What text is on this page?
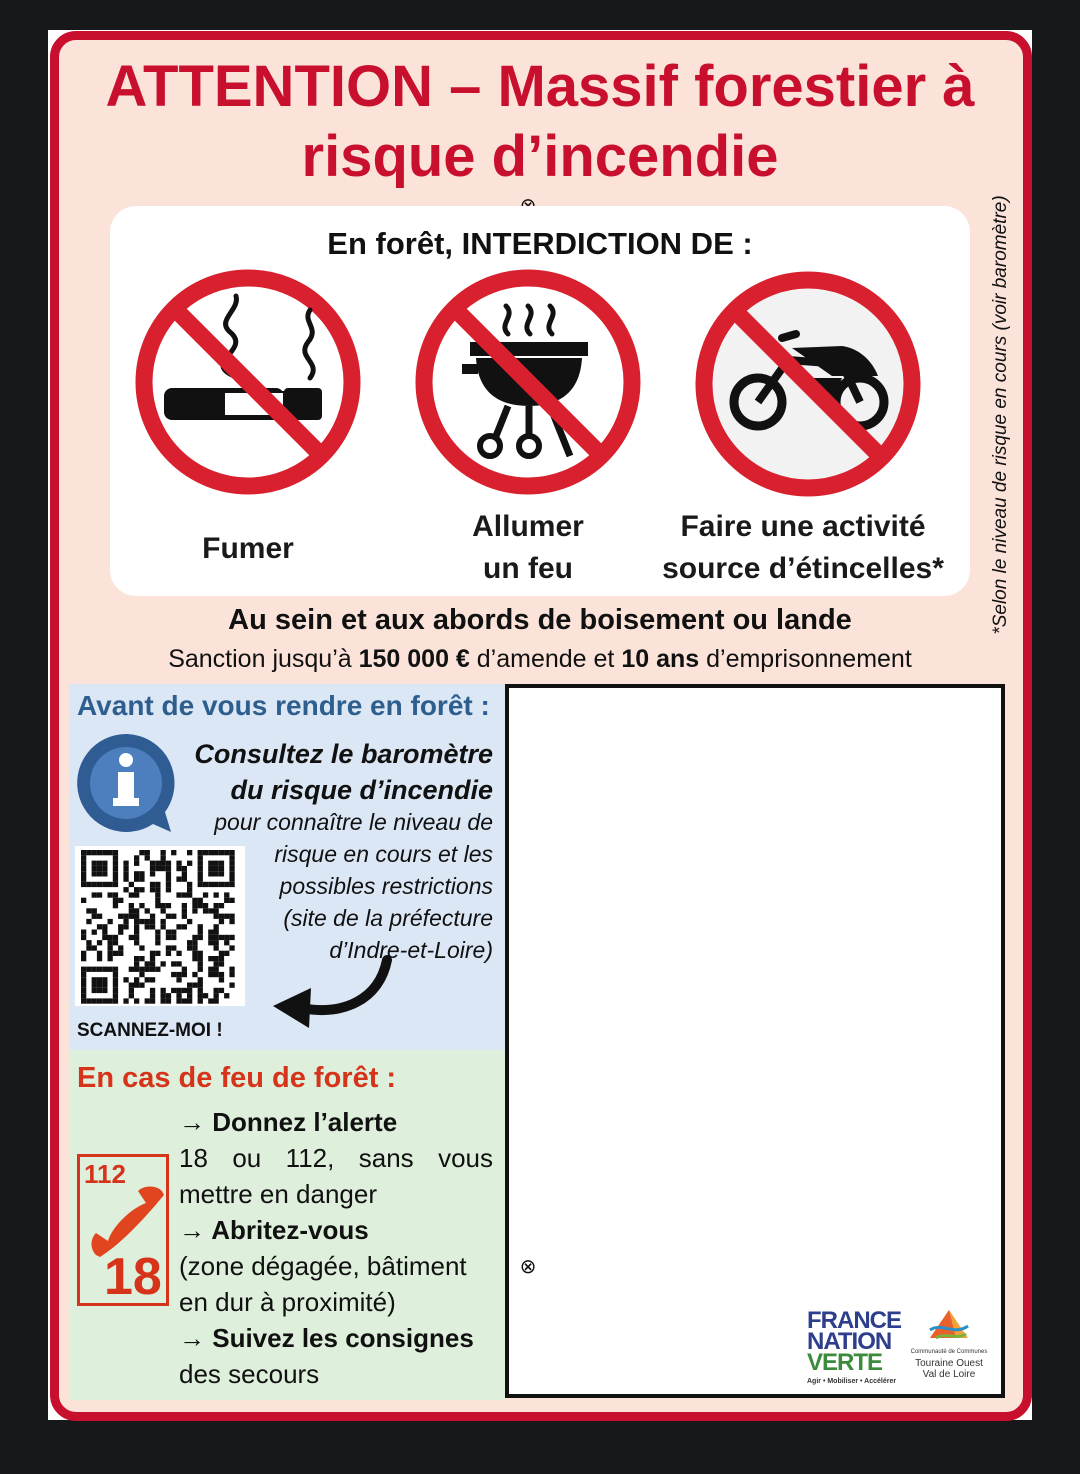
ATTENTION – Massif forestier à
risque d’incendie
En forêt, INTERDICTION DE :
Fumer
Allumer
un feu
Faire une activité
source d’étincelles*
Au sein et aux abords de boisement ou lande
Sanction jusqu’à 150 000 € d’amende et 10 ans d’emprisonnement
*Selon le niveau de risque en cours (voir baromètre)
Avant de vous rendre en forêt :
Consultez le baromètre
du risque d’incendie
pour connaître le niveau de
risque en cours et les
possibles restrictions
(site de la préfecture
d’Indre-et-Loire)
SCANNEZ-MOI !
En cas de feu de forêt :
112
18
→ Donnez l’alerte
18 ou 112, sans vous
mettre en danger
→ Abritez-vous
(zone dégagée, bâtiment
en dur à proximité)
→ Suivez les consignes
des secours
FRANCE
NATION
VERTE
Agir • Mobiliser • Accélérer
Communauté de Communes
Touraine Ouest
Val de Loire
⊗
